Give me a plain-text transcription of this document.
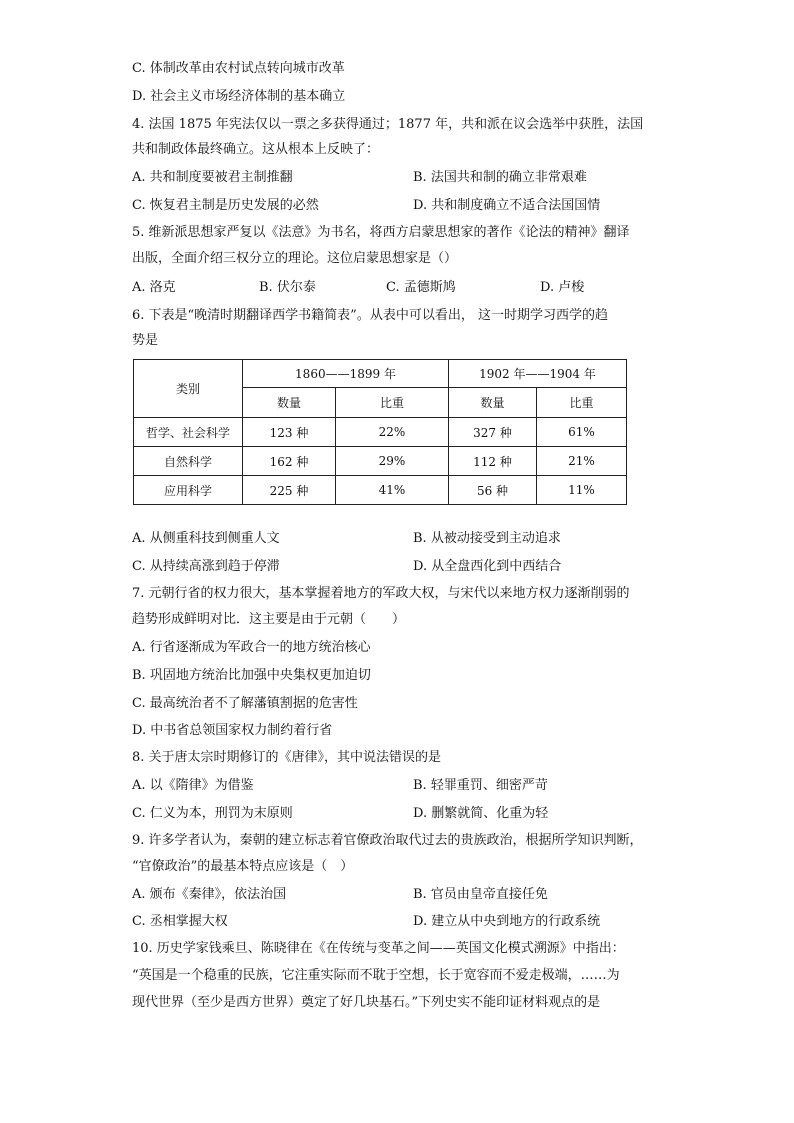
C. 体制改革由农村试点转向城市改革
D. 社会主义市场经济体制的基本确立
4. 法国 1875 年宪法仅以一票之多获得通过；1877 年，共和派在议会选举中获胜，法国
共和制政体最终确立。这从根本上反映了：
A. 共和制度要被君主制推翻	B. 法国共和制的确立非常艰难
C. 恢复君主制是历史发展的必然	D. 共和制度确立不适合法国国情
5. 维新派思想家严复以《法意》为书名，将西方启蒙思想家的著作《论法的精神》翻译
出版，全面介绍三权分立的理论。这位启蒙思想家是（）
A. 洛克	B. 伏尔泰	C. 孟德斯鸠	D. 卢梭
6. 下表是“晚清时期翻译西学书籍简表”。从表中可以看出， 这一时期学习西学的趋
势是
类别	1860——1899 年		1902 年——1904 年	
	数量	比重	数量	比重
哲学、社会科学	123 种	22%	327 种	61%
自然科学	162 种	29%	112 种	21%
应用科学	225 种	41%	56 种	11%
A. 从侧重科技到侧重人文	B. 从被动接受到主动追求
C. 从持续高涨到趋于停滞	D. 从全盘西化到中西结合
7. 元朝行省的权力很大，基本掌握着地方的军政大权，与宋代以来地方权力逐渐削弱的
趋势形成鲜明对比．这主要是由于元朝（　　）
A. 行省逐渐成为军政合一的地方统治核心
B. 巩固地方统治比加强中央集权更加迫切
C. 最高统治者不了解藩镇割据的危害性
D. 中书省总领国家权力制约着行省
8. 关于唐太宗时期修订的《唐律》，其中说法错误的是
A. 以《隋律》为借鉴	B. 轻罪重罚、细密严苛
C. 仁义为本，刑罚为末原则	D. 删繁就简、化重为轻
9. 许多学者认为，秦朝的建立标志着官僚政治取代过去的贵族政治，根据所学知识判断，
“官僚政治”的最基本特点应该是（　）
A. 颁布《秦律》，依法治国	B. 官员由皇帝直接任免
C. 丞相掌握大权	D. 建立从中央到地方的行政系统
10. 历史学家钱乘旦、陈晓律在《在传统与变革之间——英国文化模式溯源》中指出：
“英国是一个稳重的民族，它注重实际而不耽于空想，长于宽容而不爱走极端，……为
现代世界（至少是西方世界）奠定了好几块基石。”下列史实不能印证材料观点的是
